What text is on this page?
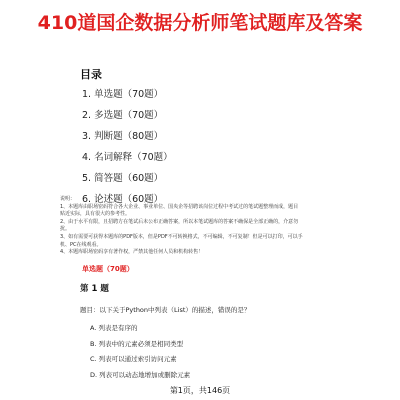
410道国企数据分析师笔试题库及答案
目录
1. 单选题（70题）
2. 多选题（70题）
3. 判断题（80题）
4. 名词解释（70题）
5. 简答题（60题）
6. 论述题（60题）
说明：
1、本题库由职场密码符合各大企业、事业单位、国央企等招聘该岗位过程中考试过的笔试题整理而成，题目
贴近实际，具有很大的参考性。
2、由于水平有限，且招聘方在笔试后未公布正确答案，所以本笔试题库的答案不确保是全部正确的，介意勿
扰。
3、如有需要可获得本题库的PDF版本，但是PDF不可转换格式，不可编辑，不可复制！但是可以打印，可以手
机、PC在线观看。
4、本题库职场密码享有著作权，严禁其他任何人员和机构转售！
单选题（70题）
第 1 题
题目：以下关于Python中列表（List）的描述，错误的是？
A. 列表是有序的
B. 列表中的元素必须是相同类型
C. 列表可以通过索引访问元素
D. 列表可以动态地增加或删除元素
第1页，共146页
